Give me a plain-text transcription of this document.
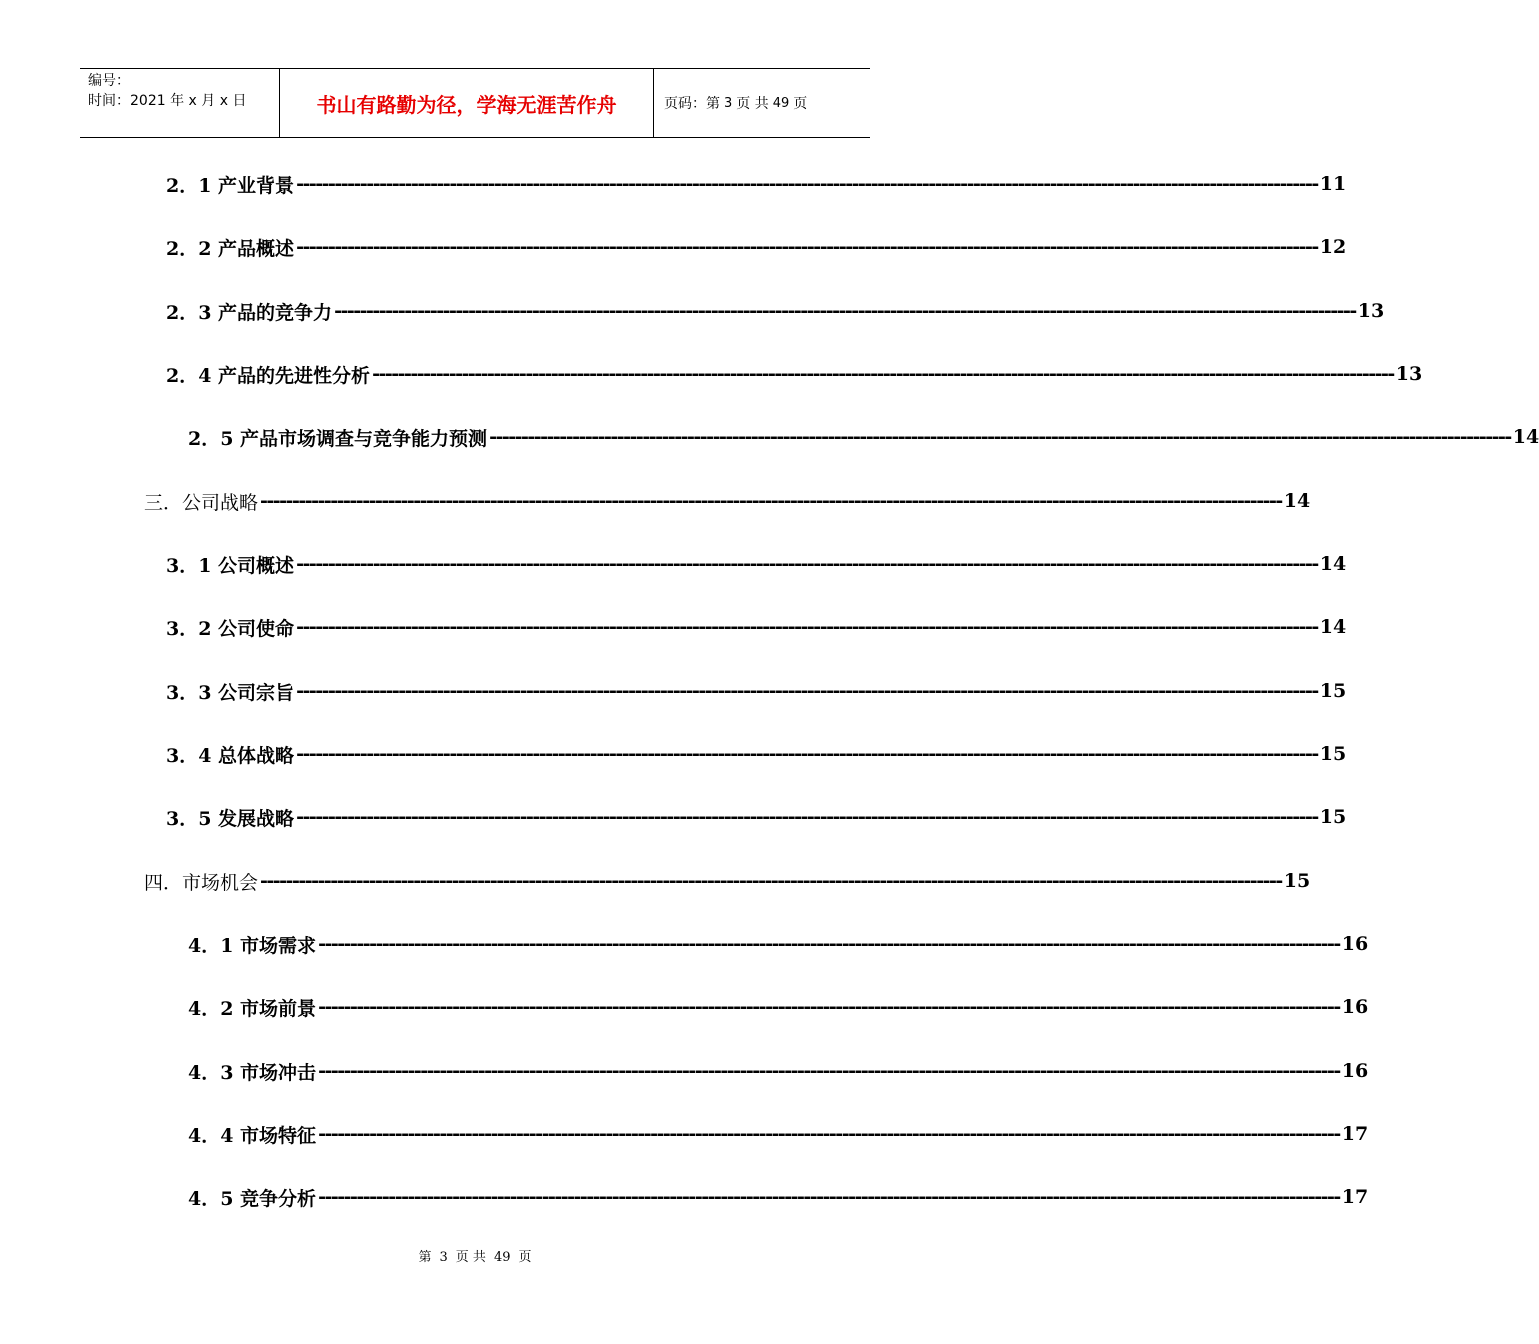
编号：
时间：2021 年 x 月 x 日	书山有路勤为径，学海无涯苦作舟	页码：第 3 页 共 49 页
2．1 产业背景 ---------------------------------------------------------------------------------------------------------------------------------------------------------------- 11
2．2 产品概述 ---------------------------------------------------------------------------------------------------------------------------------------------------------------- 12
2．3 产品的竞争力 ---------------------------------------------------------------------------------------------------------------------------------------------------------------- 13
2．4 产品的先进性分析 ---------------------------------------------------------------------------------------------------------------------------------------------------------------- 13
2．5 产品市场调查与竞争能力预测 ---------------------------------------------------------------------------------------------------------------------------------------------------------------- 14
三．公司战略 ---------------------------------------------------------------------------------------------------------------------------------------------------------------- 14
3．1 公司概述 ---------------------------------------------------------------------------------------------------------------------------------------------------------------- 14
3．2 公司使命 ---------------------------------------------------------------------------------------------------------------------------------------------------------------- 14
3．3 公司宗旨 ---------------------------------------------------------------------------------------------------------------------------------------------------------------- 15
3．4 总体战略 ---------------------------------------------------------------------------------------------------------------------------------------------------------------- 15
3．5 发展战略 ---------------------------------------------------------------------------------------------------------------------------------------------------------------- 15
四．市场机会 ---------------------------------------------------------------------------------------------------------------------------------------------------------------- 15
4．1 市场需求 ---------------------------------------------------------------------------------------------------------------------------------------------------------------- 16
4．2 市场前景 ---------------------------------------------------------------------------------------------------------------------------------------------------------------- 16
4．3 市场冲击 ---------------------------------------------------------------------------------------------------------------------------------------------------------------- 16
4．4 市场特征 ---------------------------------------------------------------------------------------------------------------------------------------------------------------- 17
4．5 竞争分析 ---------------------------------------------------------------------------------------------------------------------------------------------------------------- 17
第 3 页 共 49 页
